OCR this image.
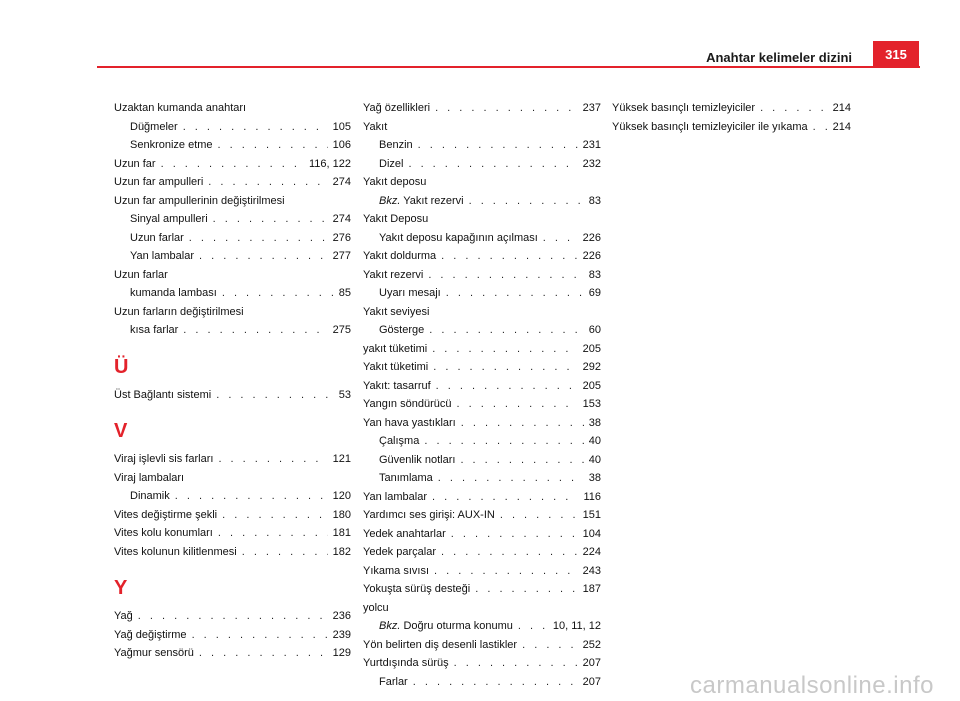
Anahtar kelimeler dizini	315
Uzaktan kumanda anahtarı
Düğmeler . . .	105
Senkronize etme . . .	106
Uzun far . . .	116, 122
Uzun far ampulleri . . .	274
Uzun far ampullerinin değiştirilmesi
Sinyal ampulleri . . .	274
Uzun farlar . . .	276
Yan lambalar . . .	277
Uzun farlar
kumanda lambası . . .	85
Uzun farların değiştirilmesi
kısa farlar . . .	275
Ü
Üst Bağlantı sistemi . . .	53
V
Viraj işlevli sis farları . . .	121
Viraj lambaları
Dinamik . . .	120
Vites değiştirme şekli . . .	180
Vites kolu konumları . . .	181
Vites kolunun kilitlenmesi . . .	182
Y
Yağ . . .	236
Yağ değiştirme . . .	239
Yağmur sensörü . . .	129
Yağ özellikleri . . .	237
Yakıt
Benzin . . .	231
Dizel . . .	232
Yakıt deposu
Bkz. Yakıt rezervi . . .	83
Yakıt Deposu
Yakıt deposu kapağının açılması . . .	226
Yakıt doldurma . . .	226
Yakıt rezervi . . .	83
Uyarı mesajı . . .	69
Yakıt seviyesi
Gösterge . . .	60
yakıt tüketimi . . .	205
Yakıt tüketimi . . .	292
Yakıt: tasarruf . . .	205
Yangın söndürücü . . .	153
Yan hava yastıkları . . .	38
Çalışma . . .	40
Güvenlik notları . . .	40
Tanımlama . . .	38
Yan lambalar . . .	116
Yardımcı ses girişi: AUX-IN . . .	151
Yedek anahtarlar . . .	104
Yedek parçalar . . .	224
Yıkama sıvısı . . .	243
Yokuşta sürüş desteği . . .	187
yolcu
Bkz. Doğru oturma konumu . . .	10, 11, 12
Yön belirten diş desenli lastikler . . .	252
Yurtdışında sürüş . . .	207
Farlar . . .	207
Yüksek basınçlı temizleyiciler . . .	214
Yüksek basınçlı temizleyiciler ile yıkama . . . 214
carmanualsonline.info
